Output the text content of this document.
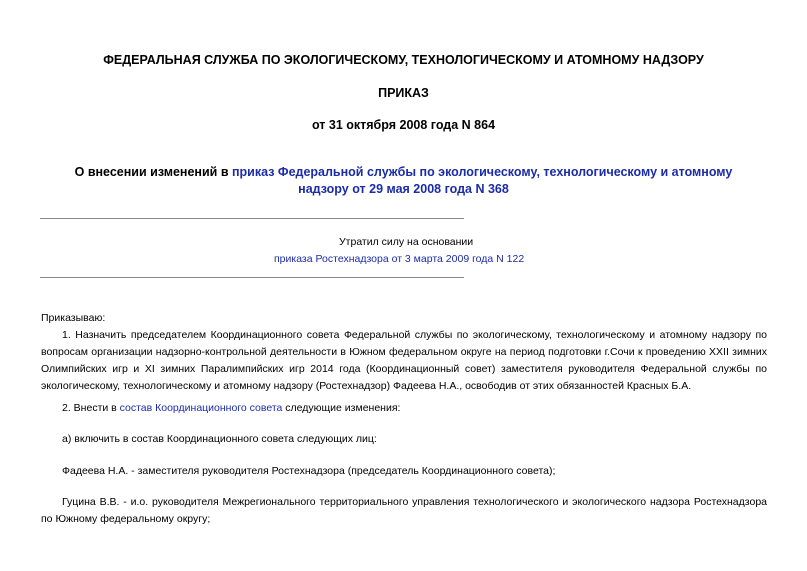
ФЕДЕРАЛЬНАЯ СЛУЖБА ПО ЭКОЛОГИЧЕСКОМУ, ТЕХНОЛОГИЧЕСКОМУ И АТОМНОМУ НАДЗОРУ
ПРИКАЗ
от 31 октября 2008 года N 864
О внесении изменений в приказ Федеральной службы по экологическому, технологическому и атомному надзору от 29 мая 2008 года N 368
Утратил силу на основании
приказа Ростехнадзора от 3 марта 2009 года N 122
Приказываю:

1. Назначить председателем Координационного совета Федеральной службы по экологическому, технологическому и атомному надзору по вопросам организации надзорно-контрольной деятельности в Южном федеральном округе на период подготовки г.Сочи к проведению XXII зимних Олимпийских игр и XI зимних Паралимпийских игр 2014 года (Координационный совет) заместителя руководителя Федеральной службы по экологическому, технологическому и атомному надзору (Ростехнадзор) Фадеева Н.А., освободив от этих обязанностей Красных Б.А.

2. Внести в состав Координационного совета следующие изменения:

а) включить в состав Координационного совета следующих лиц:

Фадеева Н.А. - заместителя руководителя Ростехнадзора (председатель Координационного совета);

Гуцина В.В. - и.о. руководителя Межрегионального территориального управления технологического и экологического надзора Ростехнадзора по Южному федеральному округу;
